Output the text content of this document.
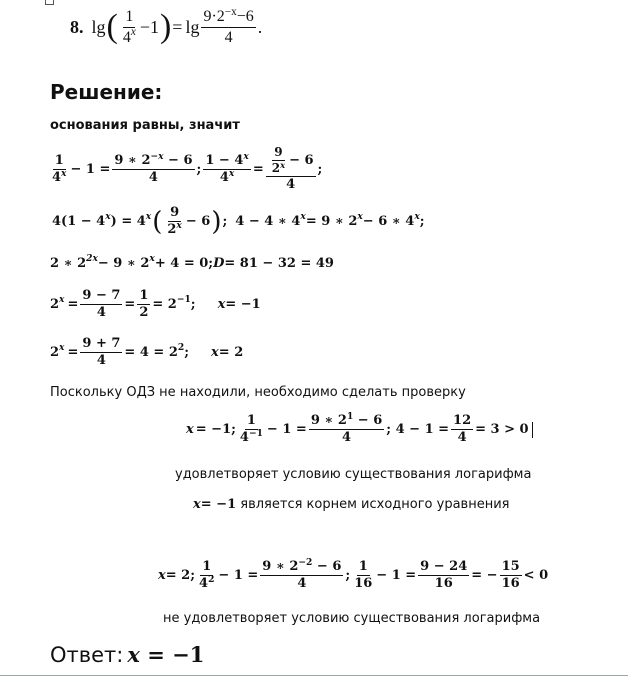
8. lg ( $\frac{1}{4^x} -1$ ) = $\lg \frac{9\cdot 2^{-x}-6}{4}$ .
Решение:
основания равны, значит
$\frac{1}{4^x} - 1 = \frac{9 ∗ 2^{-x} - 6}{4}$ ; $\frac{1 - 4^x}{4^x} = \frac{\frac{9}{2^x} - 6}{4}$ ;
4(1 − 4 x ) = 4 x ( $\frac{9}{2^x} - 6$ ) ; 4 − 4 ∗ 4 x = 9 ∗ 2 x − 6 ∗ 4 x ;
2 ∗ 2 2x − 9 ∗ 2 x + 4 = 0; D = 81 − 32 = 49
2 $x = \frac{9 - 7}{4} = \frac{1}{2} = 2 -1$ ; x = −1
2 $x = \frac{9 + 7}{4} = 4 = 2$ 2 ; x = 2
Поскольку ОДЗ не находили, необходимо сделать проверку
x = −1; $\frac{1}{4^{-1}} - 1 = \frac{9 ∗ 2^1 - 6}{4}$ ; $4 - 1 = \frac{12}{4} = 3 > 0$
удовлетворяет условию существования логарифма
x = −1 является корнем исходного уравнения
x = 2; $\frac{1}{4^2} - 1 = \frac{9 ∗ 2^{-2} - 6}{4}$ ; $\frac{1}{16} - 1 = \frac{9 - 24}{16}$ = − $\frac{15}{16} < 0$
не удовлетворяет условию существования логарифма
Ответ: x = −1
